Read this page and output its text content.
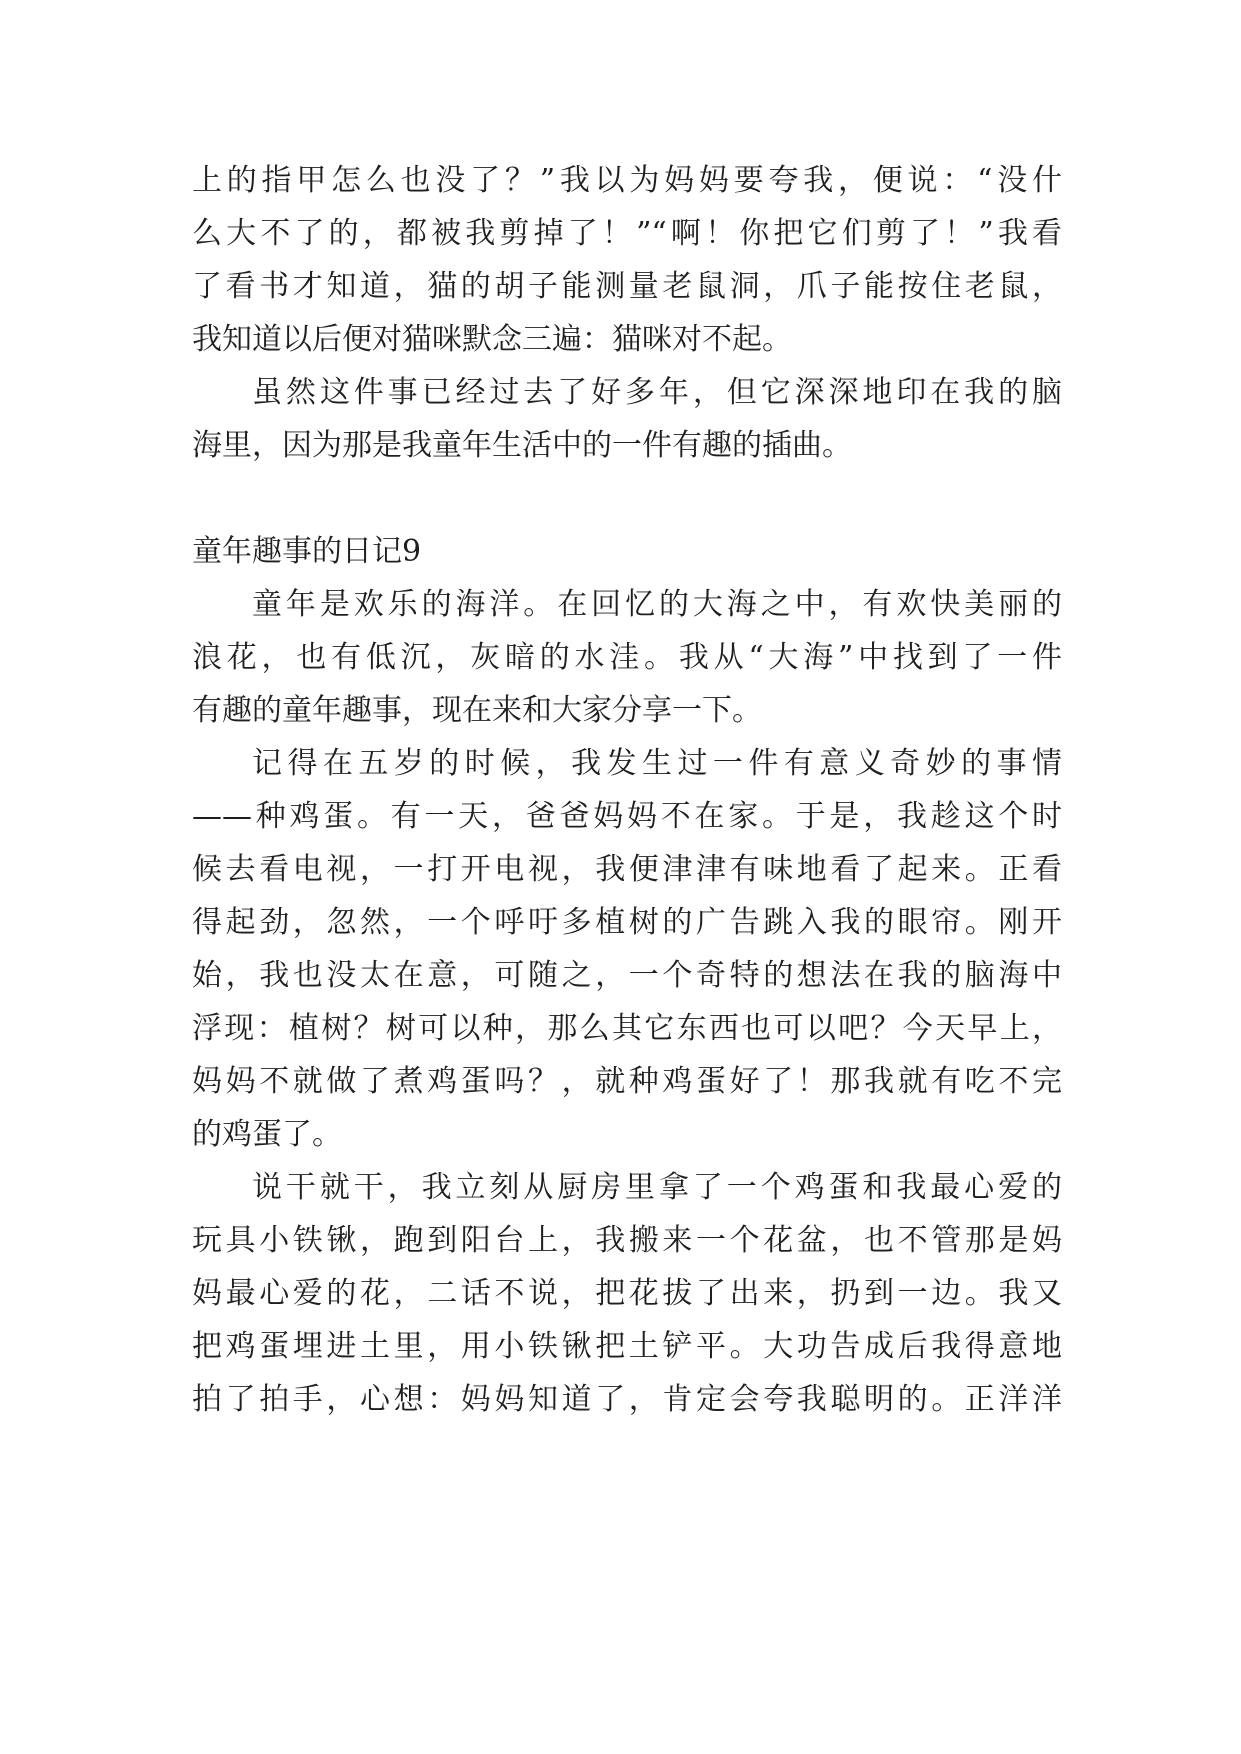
上的指甲怎么也没了？”我以为妈妈要夸我，便说：“没什
么大不了的，都被我剪掉了！”“啊！你把它们剪了！”我看
了看书才知道，猫的胡子能测量老鼠洞，爪子能按住老鼠，
我知道以后便对猫咪默念三遍：猫咪对不起。
虽然这件事已经过去了好多年，但它深深地印在我的脑
海里，因为那是我童年生活中的一件有趣的插曲。
童年趣事的日记9
童年是欢乐的海洋。在回忆的大海之中，有欢快美丽的
浪花，也有低沉，灰暗的水洼。我从“大海”中找到了一件
有趣的童年趣事，现在来和大家分享一下。
记得在五岁的时候，我发生过一件有意义奇妙的事情
——种鸡蛋。有一天，爸爸妈妈不在家。于是，我趁这个时
候去看电视，一打开电视，我便津津有味地看了起来。正看
得起劲，忽然，一个呼吁多植树的广告跳入我的眼帘。刚开
始，我也没太在意，可随之，一个奇特的想法在我的脑海中
浮现：植树？树可以种，那么其它东西也可以吧？今天早上，
妈妈不就做了煮鸡蛋吗？，就种鸡蛋好了！那我就有吃不完
的鸡蛋了。
说干就干，我立刻从厨房里拿了一个鸡蛋和我最心爱的
玩具小铁锹，跑到阳台上，我搬来一个花盆，也不管那是妈
妈最心爱的花，二话不说，把花拔了出来，扔到一边。我又
把鸡蛋埋进土里，用小铁锹把土铲平。大功告成后我得意地
拍了拍手，心想：妈妈知道了，肯定会夸我聪明的。正洋洋
